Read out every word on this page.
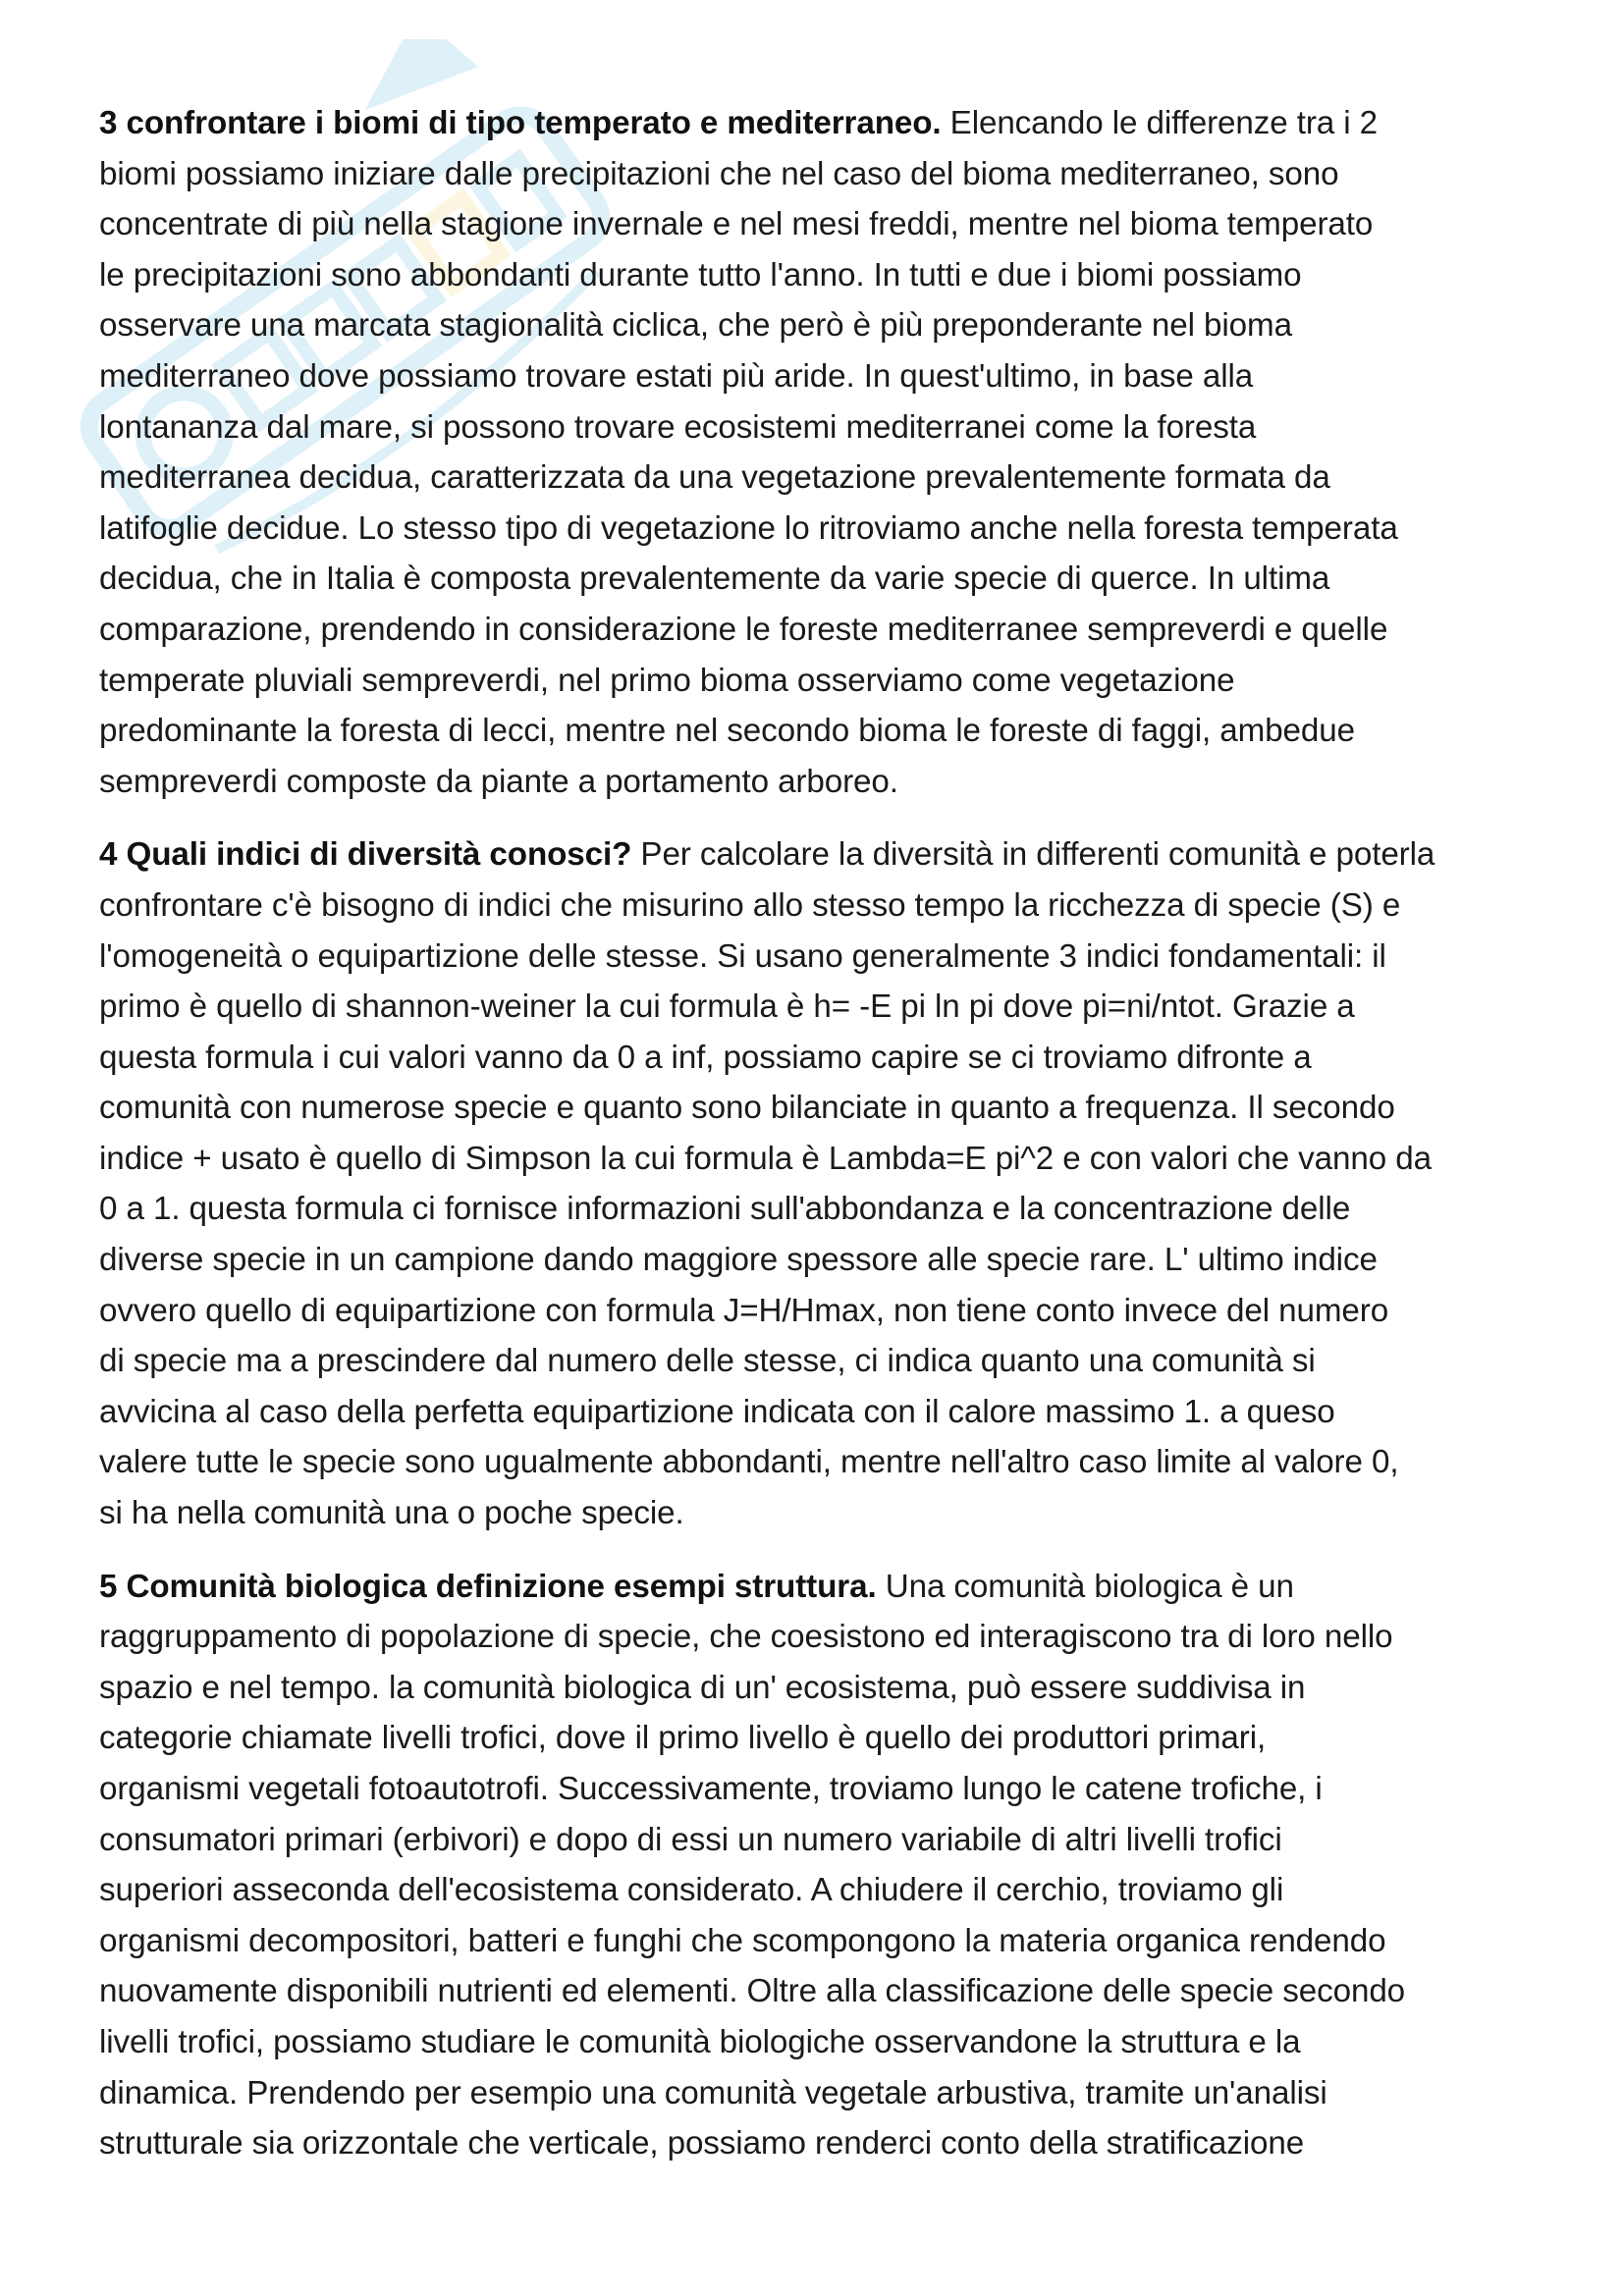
3 confrontare i biomi di tipo temperato e mediterraneo. Elencando le differenze tra i 2
biomi possiamo iniziare dalle precipitazioni che nel caso del bioma mediterraneo, sono
concentrate di più nella stagione invernale e nel mesi freddi, mentre nel bioma temperato
le precipitazioni sono abbondanti durante tutto l'anno. In tutti e due i biomi possiamo
osservare una marcata stagionalità ciclica, che però è più preponderante nel bioma
mediterraneo dove possiamo trovare estati più aride. In quest'ultimo, in base alla
lontananza dal mare, si possono trovare ecosistemi mediterranei come la foresta
mediterranea decidua, caratterizzata da una vegetazione prevalentemente formata da
latifoglie decidue. Lo stesso tipo di vegetazione lo ritroviamo anche nella foresta temperata
decidua, che in Italia è composta prevalentemente da varie specie di querce. In ultima
comparazione, prendendo in considerazione le foreste mediterranee sempreverdi e quelle
temperate pluviali sempreverdi, nel primo bioma osserviamo come vegetazione
predominante la foresta di lecci, mentre nel secondo bioma le foreste di faggi, ambedue
sempreverdi composte da piante a portamento arboreo.

4 Quali indici di diversità conosci? Per calcolare la diversità in differenti comunità e poterla
confrontare c'è bisogno di indici che misurino allo stesso tempo la ricchezza di specie (S) e
l'omogeneità o equipartizione delle stesse. Si usano generalmente 3 indici fondamentali: il
primo è quello di shannon-weiner la cui formula è h= -E pi ln pi dove pi=ni/ntot. Grazie a
questa formula i cui valori vanno da 0 a inf, possiamo capire se ci troviamo difronte a
comunità con numerose specie e quanto sono bilanciate in quanto a frequenza. Il secondo
indice + usato è quello di Simpson la cui formula è Lambda=E pi^2 e con valori che vanno da
0 a 1. questa formula ci fornisce informazioni sull'abbondanza e la concentrazione delle
diverse specie in un campione dando maggiore spessore alle specie rare. L' ultimo indice
ovvero quello di equipartizione con formula J=H/Hmax, non tiene conto invece del numero
di specie ma a prescindere dal numero delle stesse, ci indica quanto una comunità si
avvicina al caso della perfetta equipartizione indicata con il calore massimo 1. a queso
valere tutte le specie sono ugualmente abbondanti, mentre nell'altro caso limite al valore 0,
si ha nella comunità una o poche specie.

5 Comunità biologica definizione esempi struttura. Una comunità biologica è un
raggruppamento di popolazione di specie, che coesistono ed interagiscono tra di loro nello
spazio e nel tempo. la comunità biologica di un' ecosistema, può essere suddivisa in
categorie chiamate livelli trofici, dove il primo livello è quello dei produttori primari,
organismi vegetali fotoautotrofi. Successivamente, troviamo lungo le catene trofiche, i
consumatori primari (erbivori) e dopo di essi un numero variabile di altri livelli trofici
superiori asseconda dell'ecosistema considerato. A chiudere il cerchio, troviamo gli
organismi decompositori, batteri e funghi che scompongono la materia organica rendendo
nuovamente disponibili nutrienti ed elementi. Oltre alla classificazione delle specie secondo
livelli trofici, possiamo studiare le comunità biologiche osservandone la struttura e la
dinamica. Prendendo per esempio una comunità vegetale arbustiva, tramite un'analisi
strutturale sia orizzontale che verticale, possiamo renderci conto della stratificazione
